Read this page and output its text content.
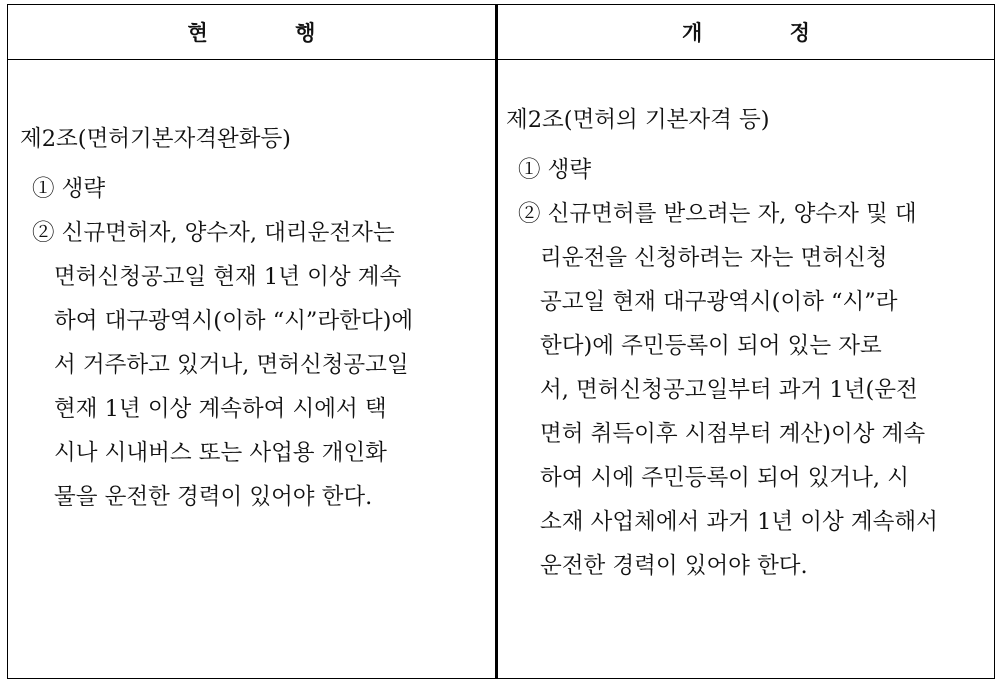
현 행	개 정

제2조(면허기본자격완화등)

① 생략

② 신규면허자, 양수자, 대리운전자는
면허신청공고일 현재 1년 이상 계속
하여 대구광역시(이하 “시”라한다)에
서 거주하고 있거나, 면허신청공고일
현재 1년 이상 계속하여 시에서 택
시나 시내버스 또는 사업용 개인화
물을 운전한 경력이 있어야 한다.

제2조(면허의 기본자격 등)

① 생략

② 신규면허를 받으려는 자, 양수자 및 대
리운전을 신청하려는 자는 면허신청
공고일 현재 대구광역시(이하 “시”라
한다)에 주민등록이 되어 있는 자로
서, 면허신청공고일부터 과거 1년(운전
면허 취득이후 시점부터 계산)이상 계속
하여 시에 주민등록이 되어 있거나, 시
소재 사업체에서 과거 1년 이상 계속해서
운전한 경력이 있어야 한다.
